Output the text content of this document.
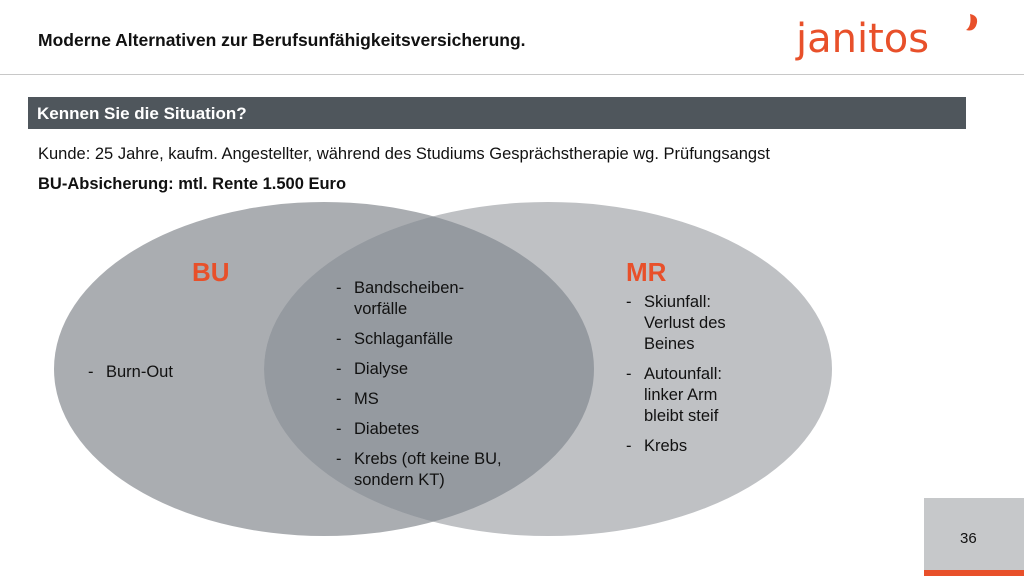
Moderne Alternativen zur Berufsunfähigkeitsversicherung.	janitos
Kennen Sie die Situation?
Kunde: 25 Jahre, kaufm. Angestellter, während des Studiums Gesprächstherapie wg. Prüfungsangst
BU-Absicherung: mtl. Rente 1.500 Euro
BU	MR
- Burn-Out
- Bandscheiben-
vorfälle
- Schlaganfälle
- Dialyse
- MS
- Diabetes
- Krebs (oft keine BU,
sondern KT)
- Skiunfall:
Verlust des
Beines
- Autounfall:
linker Arm
bleibt steif
- Krebs
36
